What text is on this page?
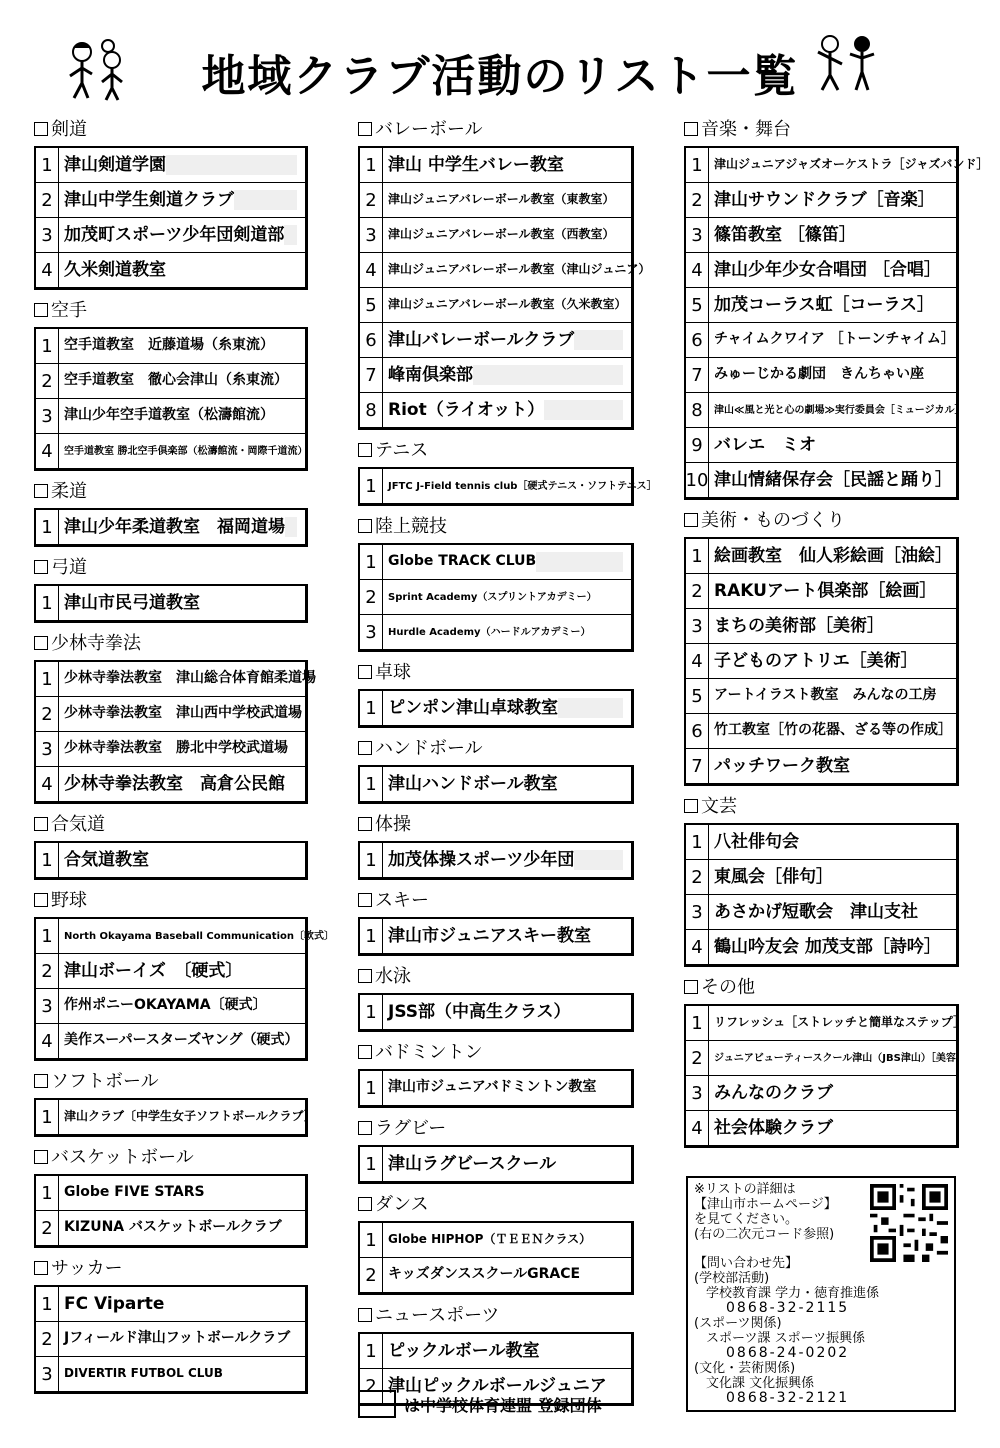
地域クラブ活動のリスト一覧
剣道
1 津山剣道学園
2 津山中学生剣道クラブ
3 加茂町スポーツ少年団剣道部
4 久米剣道教室
空手
1 空手道教室　近藤道場（糸東流）
2 空手道教室　徹心会津山（糸東流）
3 津山少年空手道教室（松濤館流）
4	空手道教室 勝北空手倶楽部（松濤館流・岡際千道流）
柔道
1 津山少年柔道教室　福岡道場
弓道
1 津山市民弓道教室
少林寺拳法
1 少林寺拳法教室　津山総合体育館柔道場
2 少林寺拳法教室　津山西中学校武道場
3 少林寺拳法教室　勝北中学校武道場
4 少林寺拳法教室　高倉公民館
合気道
1 合気道教室
野球
1	North Okayama Baseball Communication〔軟式〕
2 津山ボーイズ　〔硬式〕
3 作州ポニーOKAYAMA〔硬式〕
4 美作スーパースターズヤング（硬式）
ソフトボール
1 津山クラブ〔中学生女子ソフトボールクラブ〕
バスケットボール
1 Globe FIVE STARS
2 KIZUNA バスケットボールクラブ
サッカー
1 FC Viparte
2 Jフィールド津山フットボールクラブ
3 DIVERTIR FUTBOL CLUB
バレーボール
1 津山 中学生バレー教室
2 津山ジュニアバレーボール教室（東教室）
3 津山ジュニアバレーボール教室（西教室）
4 津山ジュニアバレーボール教室（津山ジュニア）
5 津山ジュニアバレーボール教室（久米教室）
6 津山バレーボールクラブ
7 峰南倶楽部
8 Riot（ライオット）
テニス
1	JFTC J-Field tennis club［硬式テニス・ソフトテニス］
陸上競技
1 Globe TRACK CLUB
2	Sprint Academy（スプリントアカデミー）
3	Hurdle Academy（ハードルアカデミー）
卓球
1 ピンポン津山卓球教室
ハンドボール
1 津山ハンドボール教室
体操
1 加茂体操スポーツ少年団
スキー
1 津山市ジュニアスキー教室
水泳
1 JSS部（中高生クラス）
バドミントン
1 津山市ジュニアバドミントン教室
ラグビー
1 津山ラグビースクール
ダンス
1 Globe HIPHOP（ＴＥＥＮクラス）
2 キッズダンススクールGRACE
ニュースポーツ
1 ピックルボール教室
2 津山ピックルボールジュニア
音楽・舞台
1 津山ジュニアジャズオーケストラ［ジャズバンド］
2 津山サウンドクラブ［音楽］
3 篠笛教室 ［篠笛］
4 津山少年少女合唱団 ［合唱］
5 加茂コーラス虹［コーラス］
6 チャイムクワイア ［トーンチャイム］
7 みゅーじかる劇団　きんちゃい座
8	津山≪風と光と心の劇場≫実行委員会［ミュージカル］
9 バレエ　ミオ
10 津山情緒保存会［民謡と踊り］
美術・ものづくり
1 絵画教室　仙人彩絵画［油絵］
2 RAKUアート倶楽部［絵画］
3 まちの美術部［美術］
4 子どものアトリエ［美術］
5 アートイラスト教室　みんなの工房
6 竹工教室［竹の花器、ざる等の作成］
7 パッチワーク教室
文芸
1 八社俳句会
2 東風会［俳句］
3 あさかげ短歌会　津山支社
4 鶴山吟友会 加茂支部［詩吟］
その他
1 リフレッシュ［ストレッチと簡単なステップ］
2	ジュニアビューティースクール津山（JBS津山）［美容］
3 みんなのクラブ
4 社会体験クラブ
※リストの詳細は
【津山市ホームページ】
を見てください。
(右の二次元コード参照)
【問い合わせ先】
(学校部活動)
学校教育課 学力・徳育推進係
0868-32-2115
(スポーツ関係)
スポーツ課 スポーツ振興係
0868-24-0202
(文化・芸術関係)
文化課 文化振興係
0868-32-2121
は中学校体育連盟 登録団体
